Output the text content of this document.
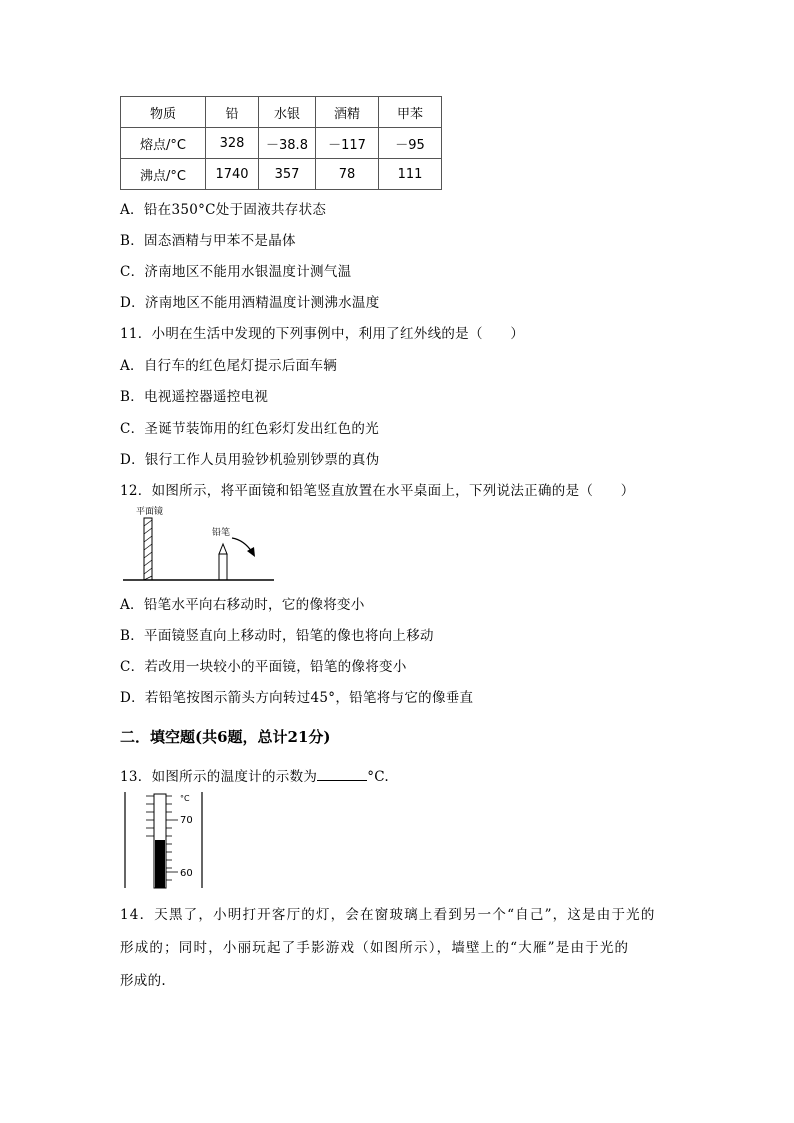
物质	铅	水银	酒精	甲苯
熔点/°C	328	－38.8	－117	－95
沸点/°C	1740	357	78	111
A．铅在350°C处于固液共存状态
B．固态酒精与甲苯不是晶体
C．济南地区不能用水银温度计测气温
D．济南地区不能用酒精温度计测沸水温度
11．小明在生活中发现的下列事例中，利用了红外线的是（　　）
A．自行车的红色尾灯提示后面车辆
B．电视遥控器遥控电视
C．圣诞节装饰用的红色彩灯发出红色的光
D．银行工作人员用验钞机验别钞票的真伪
12．如图所示，将平面镜和铅笔竖直放置在水平桌面上，下列说法正确的是（　　）
平面镜
铅笔
A．铅笔水平向右移动时，它的像将变小
B．平面镜竖直向上移动时，铅笔的像也将向上移动
C．若改用一块较小的平面镜，铅笔的像将变小
D．若铅笔按图示箭头方向转过45°，铅笔将与它的像垂直
二．填空题(共6题，总计21分)
13．如图所示的温度计的示数为	°C.
°C
70
60
14．天黑了，小明打开客厅的灯，会在窗玻璃上看到另一个“自己”，这是由于光的
形成的；同时，小丽玩起了手影游戏（如图所示），墙壁上的“大雁”是由于光的
形成的.
